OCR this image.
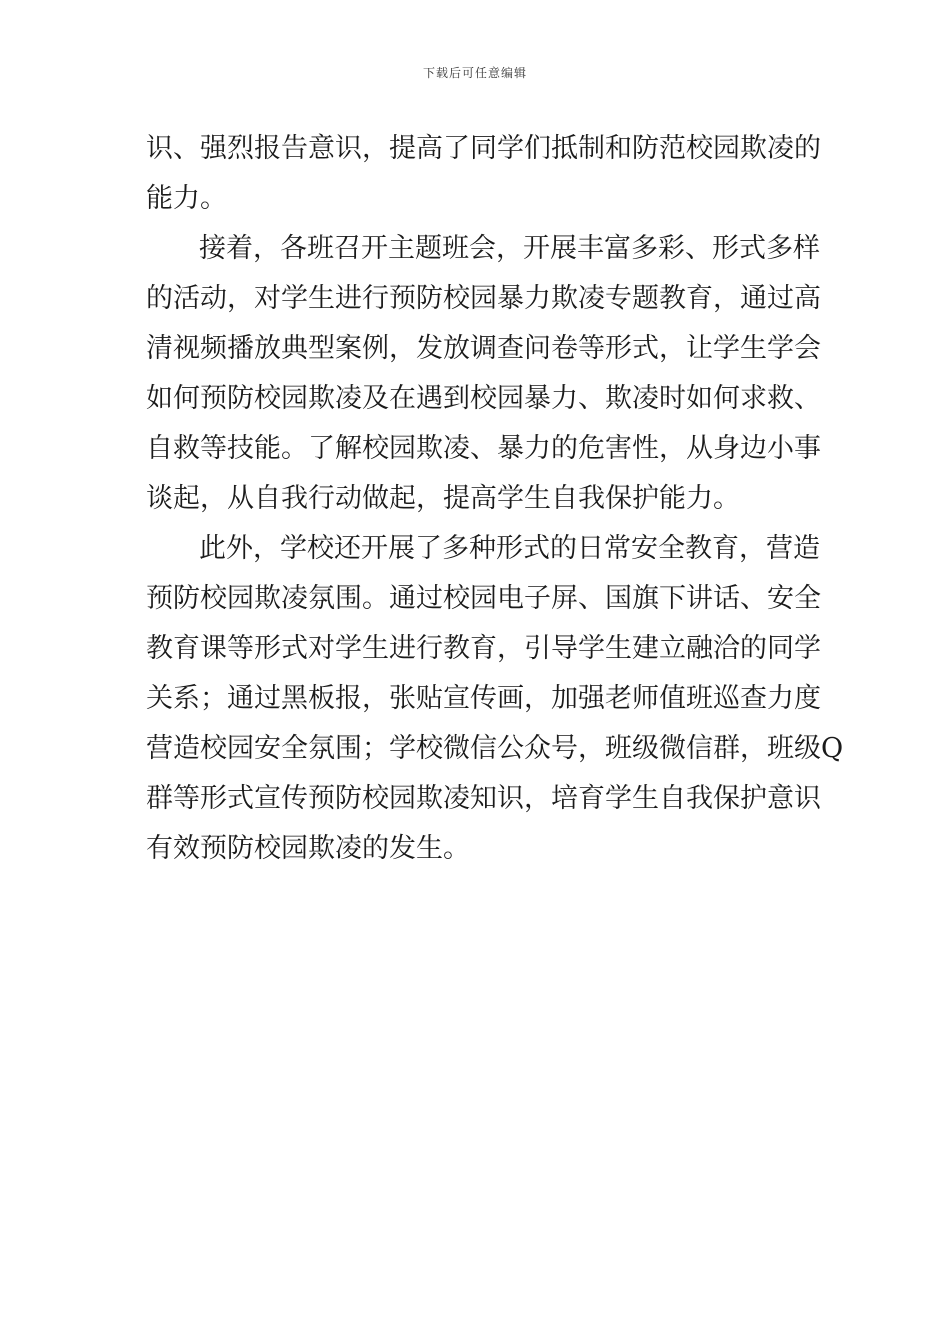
下载后可任意编辑
识、强烈报告意识，提高了同学们抵制和防范校园欺凌的
能力。
接着，各班召开主题班会，开展丰富多彩、形式多样
的活动，对学生进行预防校园暴力欺凌专题教育，通过高
清视频播放典型案例，发放调查问卷等形式，让学生学会
如何预防校园欺凌及在遇到校园暴力、欺凌时如何求救、
自救等技能。了解校园欺凌、暴力的危害性，从身边小事
谈起，从自我行动做起，提高学生自我保护能力。
此外，学校还开展了多种形式的日常安全教育，营造
预防校园欺凌氛围。通过校园电子屏、国旗下讲话、安全
教育课等形式对学生进行教育，引导学生建立融洽的同学
关系；通过黑板报，张贴宣传画，加强老师值班巡查力度
营造校园安全氛围；学校微信公众号，班级微信群，班级Q
群等形式宣传预防校园欺凌知识，培育学生自我保护意识
有效预防校园欺凌的发生。
